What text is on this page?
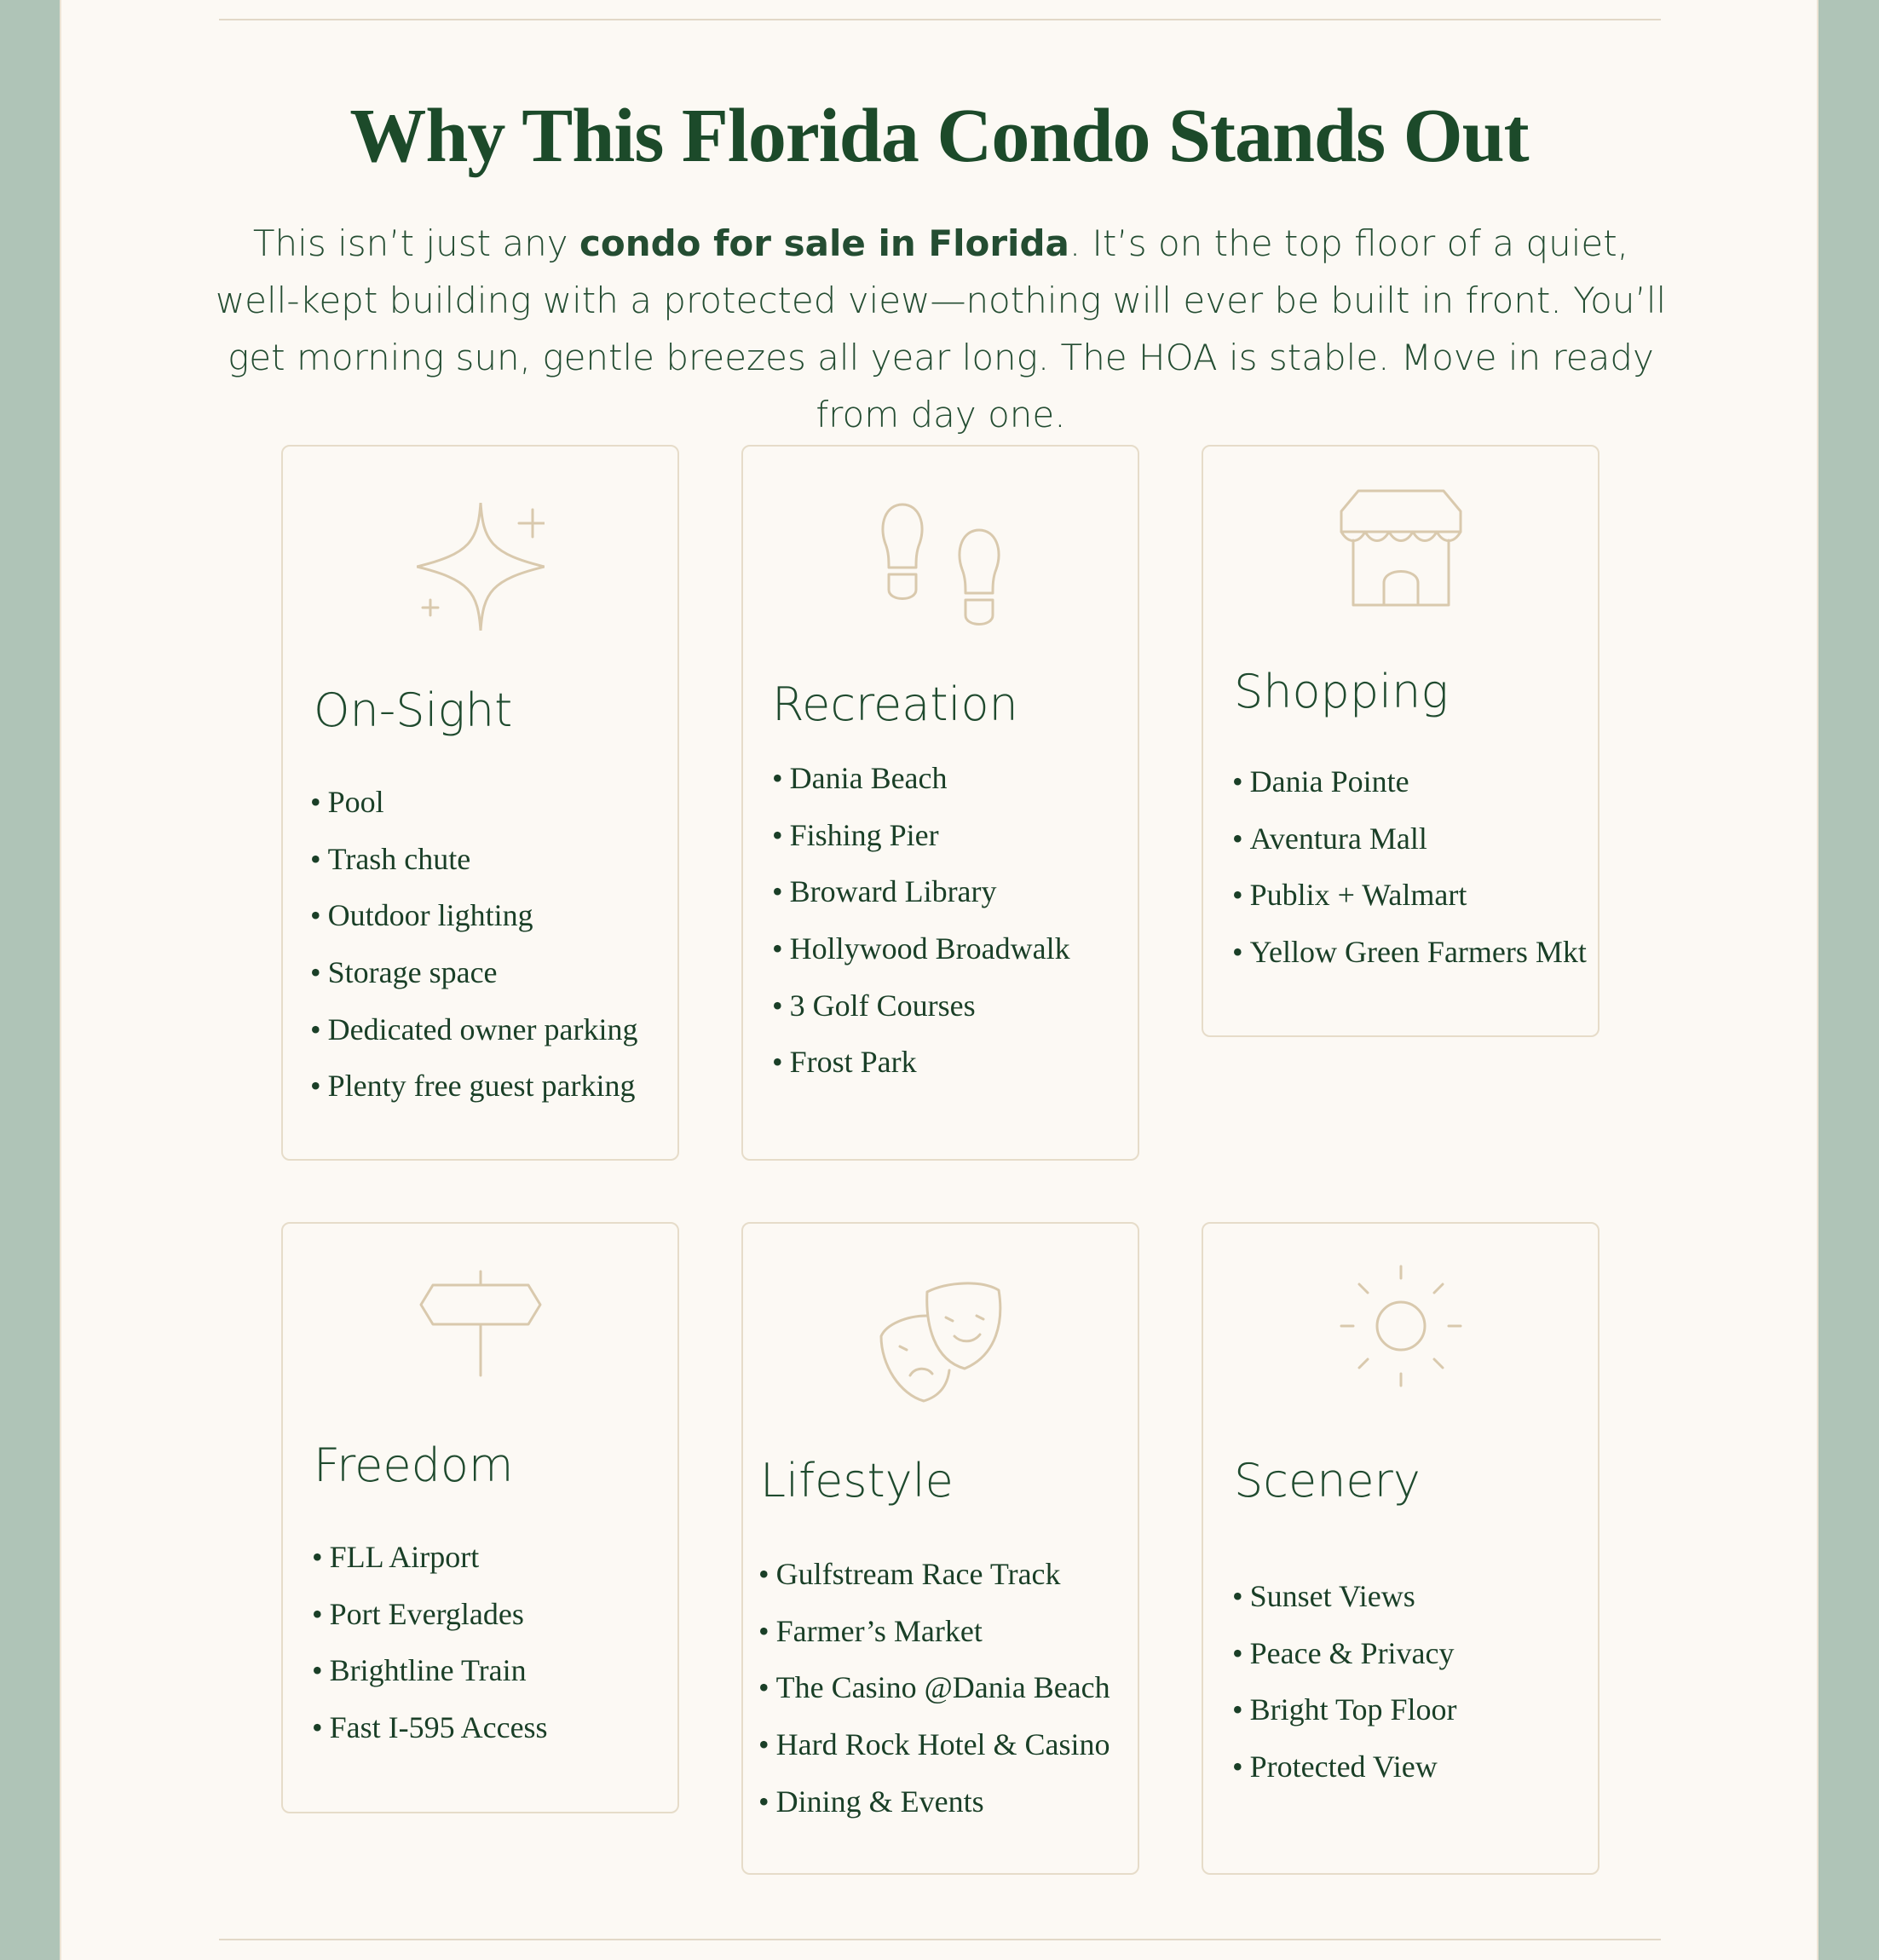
Why This Florida Condo Stands Out

This isn’t just any condo for sale in Florida. It’s on the top floor of a quiet, well-kept building with a protected view—nothing will ever be built in front. You’ll get morning sun, gentle breezes all year long. The HOA is stable. Move in ready from day one.

On-Sight
• Pool
• Trash chute
• Outdoor lighting
• Storage space
• Dedicated owner parking
• Plenty free guest parking
Recreation
• Dania Beach
• Fishing Pier
• Broward Library
• Hollywood Broadwalk
• 3 Golf Courses
• Frost Park
Shopping
• Dania Pointe
• Aventura Mall
• Publix + Walmart
• Yellow Green Farmers Mkt
Freedom
• FLL Airport
• Port Everglades
• Brightline Train
• Fast I-595 Access
Lifestyle
• Gulfstream Race Track
• Farmer’s Market
• The Casino @Dania Beach
• Hard Rock Hotel & Casino
• Dining & Events
Scenery
• Sunset Views
• Peace & Privacy
• Bright Top Floor
• Protected View
